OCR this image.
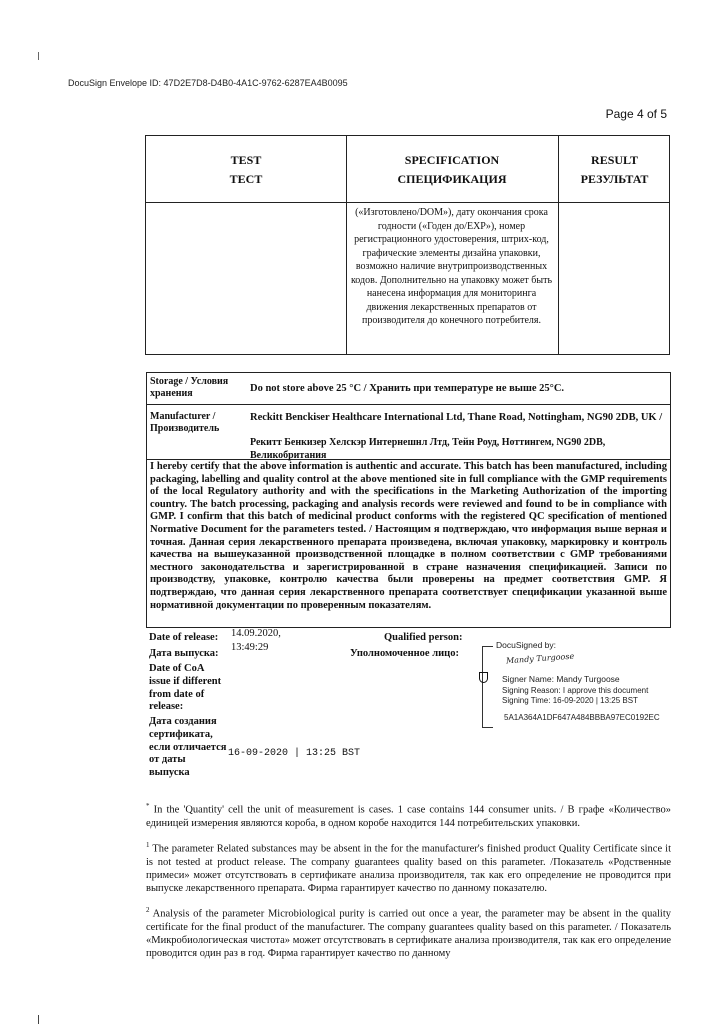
DocuSign Envelope ID: 47D2E7D8-D4B0-4A1C-9762-6287EA4B0095
Page 4 of 5
TEST
ТЕСТ
SPECIFICATION
СПЕЦИФИКАЦИЯ
RESULT
РЕЗУЛЬТАТ
(«Изготовлено/DOM»), дату окончания срока годности («Годен до/EXP»), номер регистрационного удостоверения, штрих-код, графические элементы дизайна упаковки, возможно наличие внутрипроизводственных кодов. Дополнительно на упаковку может быть нанесена информация для мониторинга движения лекарственных препаратов от производителя до конечного потребителя.
Storage / Условия хранения	Do not store above 25 °C / Хранить при температуре не выше 25°C.
Manufacturer / Производитель
Reckitt Benckiser Healthcare International Ltd, Thane Road, Nottingham, NG90 2DB, UK /
Рекитт Бенкизер Хелскэр Интернешнл Лтд, Тейн Роуд, Ноттингем, NG90 2DB, Великобритания
I hereby certify that the above information is authentic and accurate. This batch has been manufactured, including packaging, labelling and quality control at the above mentioned site in full compliance with the GMP requirements of the local Regulatory authority and with the specifications in the Marketing Authorization of the importing country. The batch processing, packaging and analysis records were reviewed and found to be in compliance with GMP. I confirm that this batch of medicinal product conforms with the registered QC specification of mentioned Normative Document for the parameters tested. / Настоящим я подтверждаю, что информация выше верная и точная. Данная серия лекарственного препарата произведена, включая упаковку, маркировку и контроль качества на вышеуказанной производственной площадке в полном соответствии с GMP требованиями местного законодательства и зарегистрированной в стране назначения спецификацией. Записи по производству, упаковке, контролю качества были проверены на предмет соответствия GMP. Я подтверждаю, что данная серия лекарственного препарата соответствует спецификации указанной выше нормативной документации по проверенным показателям.
Date of release:
Дата выпуска:
14.09.2020,
13:49:29
Qualified person:
Уполномоченное лицо:
Date of CoA issue if different from date of release:
Дата создания сертификата, если отличается от даты выпуска
16-09-2020 | 13:25 BST
DocuSigned by:
Mandy Turgoose
Signer Name: Mandy Turgoose
Signing Reason: I approve this document
Signing Time: 16-09-2020 | 13:25 BST
5A1A364A1DF647A484BBBA97EC0192EC

* In the 'Quantity' cell the unit of measurement is cases. 1 case contains 144 consumer units. / В графе «Количество» единицей измерения являются короба, в одном коробе находится 144 потребительских упаковки.

$^1$ The parameter Related substances may be absent in the for the manufacturer's finished product Quality Certificate since it is not tested at product release. The company guarantees quality based on this parameter. /Показатель «Родственные примеси» может отсутствовать в сертификате анализа производителя, так как его определение не проводится при выпуске лекарственного препарата. Фирма гарантирует качество по данному показателю.

$^2$ Analysis of the parameter Microbiological purity is carried out once a year, the parameter may be absent in the quality certificate for the final product of the manufacturer. The company guarantees quality based on this parameter. / Показатель «Микробиологическая чистота» может отсутствовать в сертификате анализа производителя, так как его определение проводится один раз в год. Фирма гарантирует качество по данному
